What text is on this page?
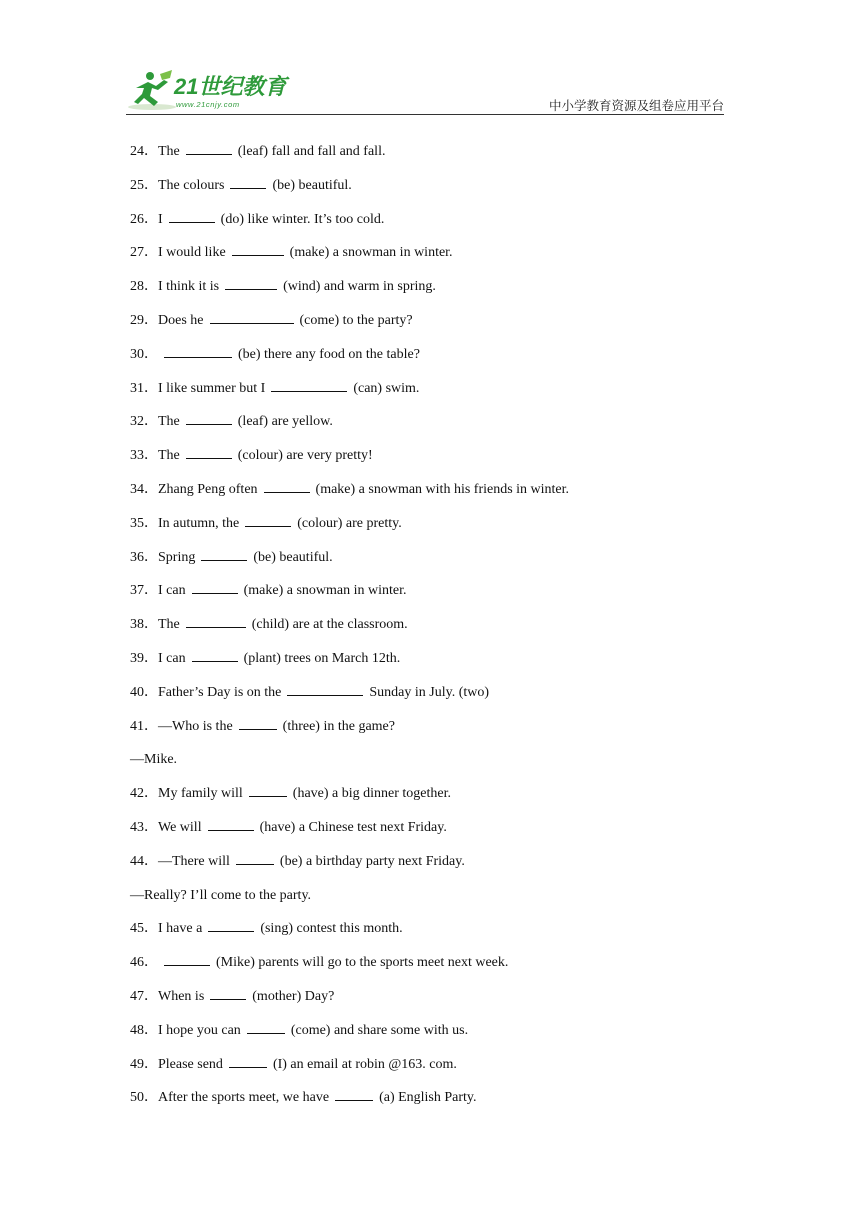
21世纪教育
www.21cnjy.com	中小学教育资源及组卷应用平台
24．The	(leaf) fall and fall and fall.
25．The colours	(be) beautiful.
26．I	(do) like winter. It’s too cold.
27．I would like	(make) a snowman in winter.
28．I think it is	(wind) and warm in spring.
29．Does he	(come) to the party?
30．	(be) there any food on the table?
31．I like summer but I	(can) swim.
32．The	(leaf) are yellow.
33．The	(colour) are very pretty!
34．Zhang Peng often	(make) a snowman with his friends in winter.
35．In autumn, the	(colour) are pretty.
36．Spring	(be) beautiful.
37．I can	(make) a snowman in winter.
38．The	(child) are at the classroom.
39．I can	(plant) trees on March 12th.
40．Father’s Day is on the	Sunday in July. (two)
41．—Who is the	(three) in the game?
—Mike.
42．My family will	(have) a big dinner together.
43．We will	(have) a Chinese test next Friday.
44．—There will	(be) a birthday party next Friday.
—Really? I’ll come to the party.
45．I have a	(sing) contest this month.
46．	(Mike) parents will go to the sports meet next week.
47．When is	(mother) Day?
48．I hope you can	(come) and share some with us.
49．Please send	(I) an email at robin @163. com.
50．After the sports meet, we have	(a) English Party.
